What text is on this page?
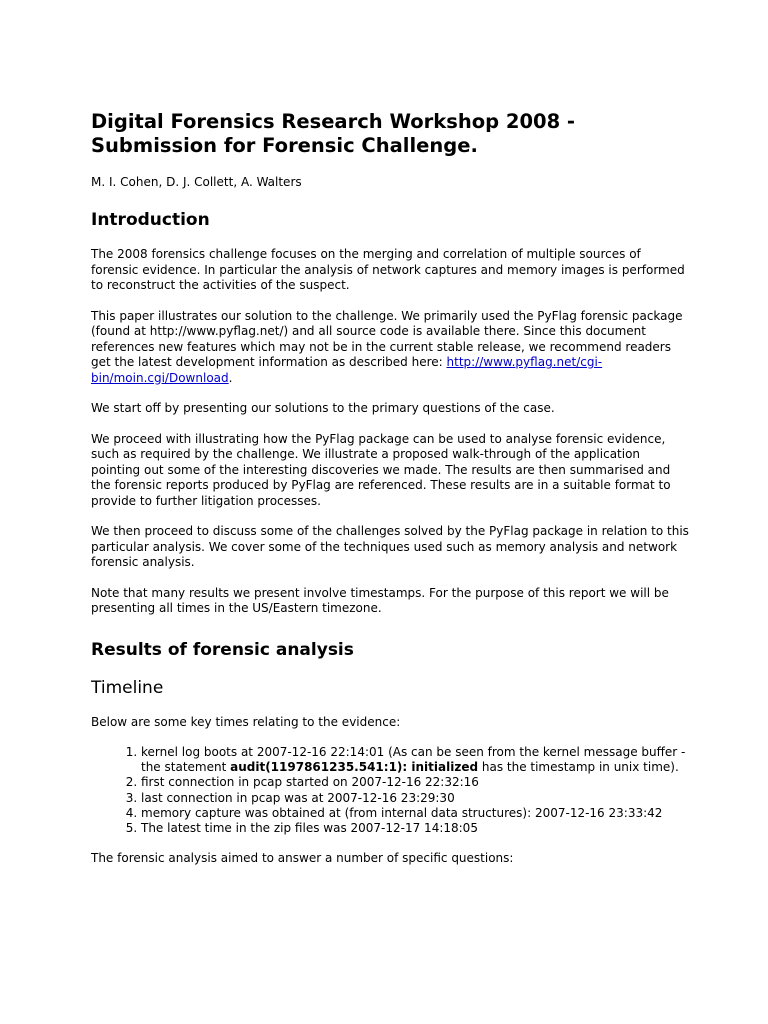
Digital Forensics Research Workshop 2008 -
Submission for Forensic Challenge.
M. I. Cohen, D. J. Collett, A. Walters
Introduction

The 2008 forensics challenge focuses on the merging and correlation of multiple sources of forensic evidence. In particular the analysis of network captures and memory images is performed to reconstruct the activities of the suspect.

This paper illustrates our solution to the challenge. We primarily used the PyFlag forensic package (found at http://www.pyflag.net/) and all source code is available there. Since this document references new features which may not be in the current stable release, we recommend readers get the latest development information as described here: http://www.pyflag.net/cgi-bin/moin.cgi/Download.

We start off by presenting our solutions to the primary questions of the case.

We proceed with illustrating how the PyFlag package can be used to analyse forensic evidence, such as required by the challenge. We illustrate a proposed walk-through of the application pointing out some of the interesting discoveries we made. The results are then summarised and the forensic reports produced by PyFlag are referenced. These results are in a suitable format to provide to further litigation processes.

We then proceed to discuss some of the challenges solved by the PyFlag package in relation to this particular analysis. We cover some of the techniques used such as memory analysis and network forensic analysis.

Note that many results we present involve timestamps. For the purpose of this report we will be presenting all times in the US/Eastern timezone.

Results of forensic analysis
Timeline

Below are some key times relating to the evidence:

1. kernel log boots at 2007-12-16 22:14:01 (As can be seen from the kernel message buffer - the statement audit(1197861235.541:1): initialized has the timestamp in unix time).
2. first connection in pcap started on 2007-12-16 22:32:16
3. last connection in pcap was at 2007-12-16 23:29:30
4. memory capture was obtained at (from internal data structures): 2007-12-16 23:33:42
5. The latest time in the zip files was 2007-12-17 14:18:05

The forensic analysis aimed to answer a number of specific questions:
